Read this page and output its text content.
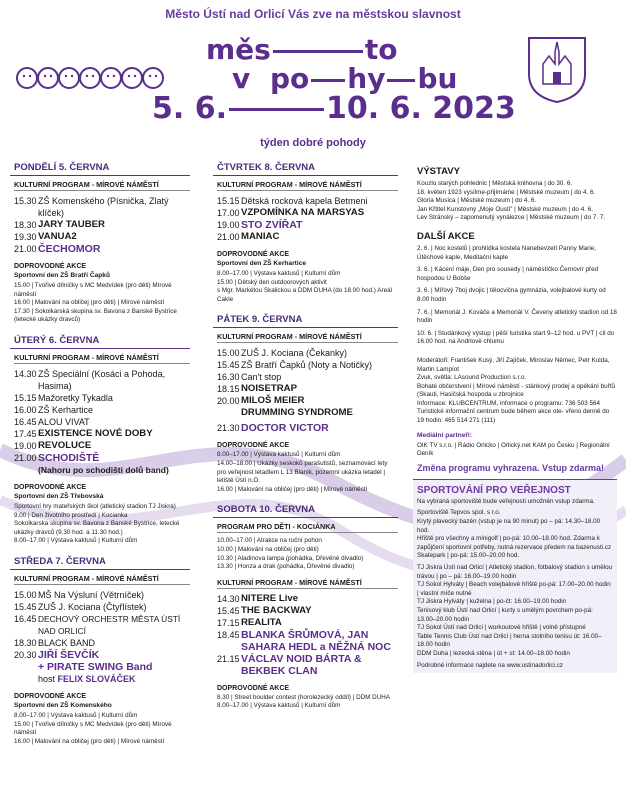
Město Ústí nad Orlicí Vás zve na městskou slavnost
měs	to
v po hy bu
5. 6.	10. 6. 2023
týden dobré pohody
PONDĚLÍ 5. ČERVNA
KULTURNÍ PROGRAM - MÍROVÉ NÁMĚSTÍ
15.30 ZŠ Komenského (Písnička, Zlatý klíček)
18.30 JARY TAUBER
19.30 VANUA2
21.00 ČECHOMOR
DOPROVODNÉ AKCE
Sportovní den ZŠ Bratří Čapků
15.00 | Tvořivé dílničky s MC Medvídek (pro děti) Mírové náměstí
16.00 | Malování na obličej (pro děti) | Mírové náměstí
17.30 | Sokolkarská skupina sv. Bavona z Banské Bystrice (letecké ukázky dravců)
ÚTERÝ 6. ČERVNA
KULTURNÍ PROGRAM - MÍROVÉ NÁMĚSTÍ
14.30 ZŠ Speciální (Kosáci a Pohoda, Hasima)
15.15 Mažoretky Tykadla
16.00 ZŠ Kerhartice
16.45 ALOU VIVAT
17.45 EXISTENCE NOVÉ DOBY
19.00 REVOLUCE
21.00 SCHODIŠTĚ
(Nahoru po schodišti dolů band)
DOPROVODNÉ AKCE
Sportovní den ZŠ Třebovská
Sportovní hry mateřských škol (atletický stadion TJ Jiskra)
9.00 | Den životního prostředí | Kocianka
Sokolkarska skupina sv. Bavona z Banské Bystrice, letecké ukázky dravců (9.30 hod. a 11.30 hod.)
8.00–17.00 | Výstava kaktusů | Kulturní dům
STŘEDA 7. ČERVNA
KULTURNÍ PROGRAM - MÍROVÉ NÁMĚSTÍ
15.00 MŠ Na Výsluní (Větrníček)
15.45 ZUŠ J. Kociana (Čtyřlístek)
16.45 DECHOVÝ ORCHESTR MĚSTA ÚSTÍ NAD ORLICÍ
18.30 BLACK BAND
20.30 JIŘÍ ŠEVČÍK
+ PIRATE SWING Band
host FELIX SLOVÁČEK
DOPROVODNÉ AKCE
Sportovní den ZŠ Komenského
8.00–17.00 | Výstava kaktusů | Kulturní dům
15.00 | Tvořivé dílničky s MC Medvídek (pro děti) Mírové náměstí
16.00 | Malování na obličej (pro děti) | Mírové náměstí
ČTVRTEK 8. ČERVNA
KULTURNÍ PROGRAM - MÍROVÉ NÁMĚSTÍ
15.15 Dětská rocková kapela Betmeni
17.00 VZPOMÍNKA NA MARSYAS
19.00 STO ZVÍŘAT
21.00 MANIAC
DOPROVODNÉ AKCE
Sportovní den ZŠ Kerhartice
8.00–17.00 | Výstava kaktusů | Kulturní dům
15.00 | Dětský den outdoorových aktivit
s Mgr. Markétou Skalickou a DDM DUHA (do 18.00 hod.) Areál Cakle
PÁTEK 9. ČERVNA
KULTURNÍ PROGRAM - MÍROVÉ NÁMĚSTÍ
15.00 ZUŠ J. Kociana (Čekanky)
15.45 ZŠ Bratří Čapků (Noty a Notičky)
16.30 Can't stop
18.15 NOISETRAP
20.00 MILOŠ MEIER
DRUMMING SYNDROME
21.30 DOCTOR VICTOR
DOPROVODNÉ AKCE
8.00–17.00 | Výstava kaktusů | Kulturní dům
14.00–18.00 | Ukázky seskoků parašutistů, seznamovací lety pro veřejnost letadlem L 13 Blaník, pozemní ukázka letadel | letiště Ústí n.O.
16.00 | Malování na obličej (pro děti) | Mírové náměstí
SOBOTA 10. ČERVNA
PROGRAM PRO DĚTI - KOCIÁNKA
10.00–17.00 | Atrakce na ruční pohon
10.00 | Malování na obličej (pro děti)
10.30 | Aladinova lampa (pohádka, Dřevěné divadlo)
13.30 | Honza a drak (pohádka, Dřevěné divadlo)
KULTURNÍ PROGRAM - MÍROVÉ NÁMĚSTÍ
14.30 NITERE Live
15.45 THE BACKWAY
17.15 REALITA
18.45 BLANKA ŠRŮMOVÁ, JAN SAHARA HEDL a NĚŽNÁ NOC
21.15 VÁCLAV NOID BÁRTA & BEKBEK CLAN
DOPROVODNÉ AKCE
8.30 | Street boulder contest (horolezecký oddíl) | DDM DUHA
8.00–17.00 | Výstava kaktusů | Kulturní dům
VÝSTAVY
Kouzlo starých pohlednic | Městská knihovna | do 30. 6.
18. květen 1923 vysílme-přijímáme | Městské muzeum | do 4. 6.
Gloria Musica | Městské muzeum | do 4. 6.
Jan Křtitel Kunstovný „Moje Ousti" | Městské muzeum | do 4. 6.
Lev Stránský – zapomenutý vynálezce | Městské muzeum | do 7. 7.
DALŠÍ AKCE
2. 6. | Noc kostelů | prohlídka kostela Nanebevzetí Panny Marie, Útěchové kaple, Meditační kaple
3. 6. | Kácení máje, Den pro sousedy | náměstíčko Černovír před hospodou U Bobše
3. 6. | Mířový 7boj dvojic | tělocvična gymnázia, volejbalové kurty od 8.00 hodin
7. 6. | Memoriál J. Kováče a Memoriál V. Čeveny atletický stadion od 18 hodin
10. 6. | Studánkový výstup | pěší turistika start 9–12 hod. u PVT | cíl do 16.00 hod. na Andrlově chlumu
Moderátoři: František Kusý, Jiří Zajíček, Miroslav Němec, Petr Kulda, Martin Lampíot
Zvuk, světla: LAsound Production s.r.o.
Bohaté občerstvení | Mírové náměstí - stánkový prodej a opékání buřtů (Skauti, Hasičská hospoda u zbrojnice
Informace: KLUBCENTRUM, informace o programu: 736 503 564 Turistické informační centrum bude během akce ote- vřeno denně do 19 hodin: 465 514 271 (111)
Mediální partneři:
OIK TV s.r.o. | Rádio Orlicko | Orlický.net KAM po Česku | Regionální Deník
Změna programu vyhrazena. Vstup zdarma!
SPORTOVÁNÍ PRO VEŘEJNOST
Na vybraná sportoviště bude veřejnosti umožněn vstup zdarma.
Sportoviště Tepvos spol. s r.o.
Krytý plavecký bazén (vstup je na 90 minut) po – pá: 14.30–18.00 hod.
Hřiště pro všechny a minigolf | po-pá: 10.00–18.00 hod. Zdarma k zapůjčení sportovní potřeby, nutná rezervace předem na bazenusti.cz
Skatepark | po-pá: 15.00–20.00 hod.
TJ Jiskra Ústí nad Orlicí | Atletický stadion, fotbalový stadion s umělou trávou | po – pá: 16.00–19.00 hodin
TJ Sokol Hylváty | Beach volejbalové hřiště po-pá: 17.00–20.00 hodin | vlastní míče nutné
TJ Jiskra Hylváty | kuželna | po-čt: 16.00–19.00 hodin
Tenisový klub Ústí nad Orlicí | kurty s umělým povrchem po-pá: 13.00–20.00 hodin
TJ Sokol Ústí nad Orlicí | workoutové hřiště | volně přístupné
Table Tennis Club Ústí nad Orlicí | herna stolního tenisu út: 16.00–18.00 hodin
DDM Duha | lezecká stěna | út + st: 14.00–18.00 hodin
Podrobné informace najdete na www.ustinadorlici.cz
